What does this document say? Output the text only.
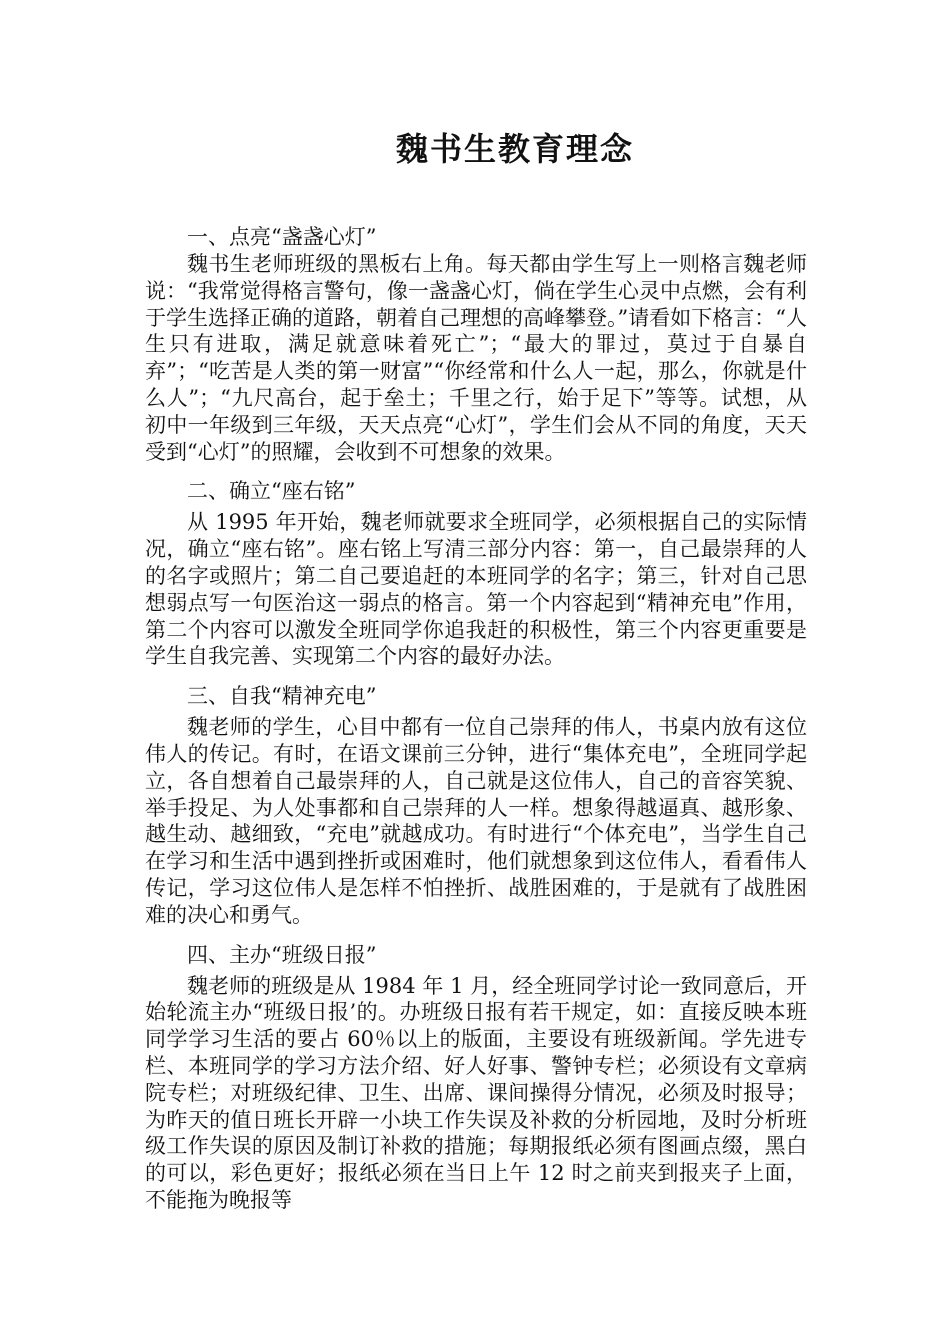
魏书生教育理念

一、点亮“盏盏心灯”

魏书生老师班级的黑板右上角。每天都由学生写上一则格言魏老师说：“我常觉得格言警句，像一盏盏心灯，倘在学生心灵中点燃，会有利于学生选择正确的道路，朝着自己理想的高峰攀登。”请看如下格言：“人生只有进取，满足就意味着死亡”；“最大的罪过，莫过于自暴自弃”；“吃苦是人类的第一财富”“你经常和什么人一起，那么，你就是什么人”；“九尺高台，起于垒土；千里之行，始于足下”等等。试想，从初中一年级到三年级，天天点亮“心灯”，学生们会从不同的角度，天天受到“心灯”的照耀，会收到不可想象的效果。

二、确立“座右铭”

从 1995 年开始，魏老师就要求全班同学，必须根据自己的实际情况，确立“座右铭”。座右铭上写清三部分内容：第一，自己最崇拜的人的名字或照片；第二自己要追赶的本班同学的名字；第三，针对自己思想弱点写一句医治这一弱点的格言。第一个内容起到“精神充电”作用，第二个内容可以激发全班同学你追我赶的积极性，第三个内容更重要是学生自我完善、实现第二个内容的最好办法。

三、自我“精神充电”

魏老师的学生，心目中都有一位自己崇拜的伟人，书桌内放有这位伟人的传记。有时，在语文课前三分钟，进行“集体充电”，全班同学起立，各自想着自己最崇拜的人，自己就是这位伟人，自己的音容笑貌、举手投足、为人处事都和自己崇拜的人一样。想象得越逼真、越形象、越生动、越细致，“充电”就越成功。有时进行“个体充电”，当学生自己在学习和生活中遇到挫折或困难时，他们就想象到这位伟人，看看伟人传记，学习这位伟人是怎样不怕挫折、战胜困难的，于是就有了战胜困难的决心和勇气。

四、主办“班级日报”

魏老师的班级是从 1984 年 1 月，经全班同学讨论一致同意后，开始轮流主办“班级日报’的。办班级日报有若干规定，如：直接反映本班同学学习生活的要占 60％以上的版面，主要设有班级新闻。学先进专栏、本班同学的学习方法介绍、好人好事、警钟专栏；必须设有文章病院专栏；对班级纪律、卫生、出席、课间操得分情况，必须及时报导；为昨天的值日班长开辟一小块工作失误及补救的分析园地，及时分析班级工作失误的原因及制订补救的措施；每期报纸必须有图画点缀，黑白的可以，彩色更好；报纸必须在当日上午 12 时之前夹到报夹子上面，不能拖为晚报等
